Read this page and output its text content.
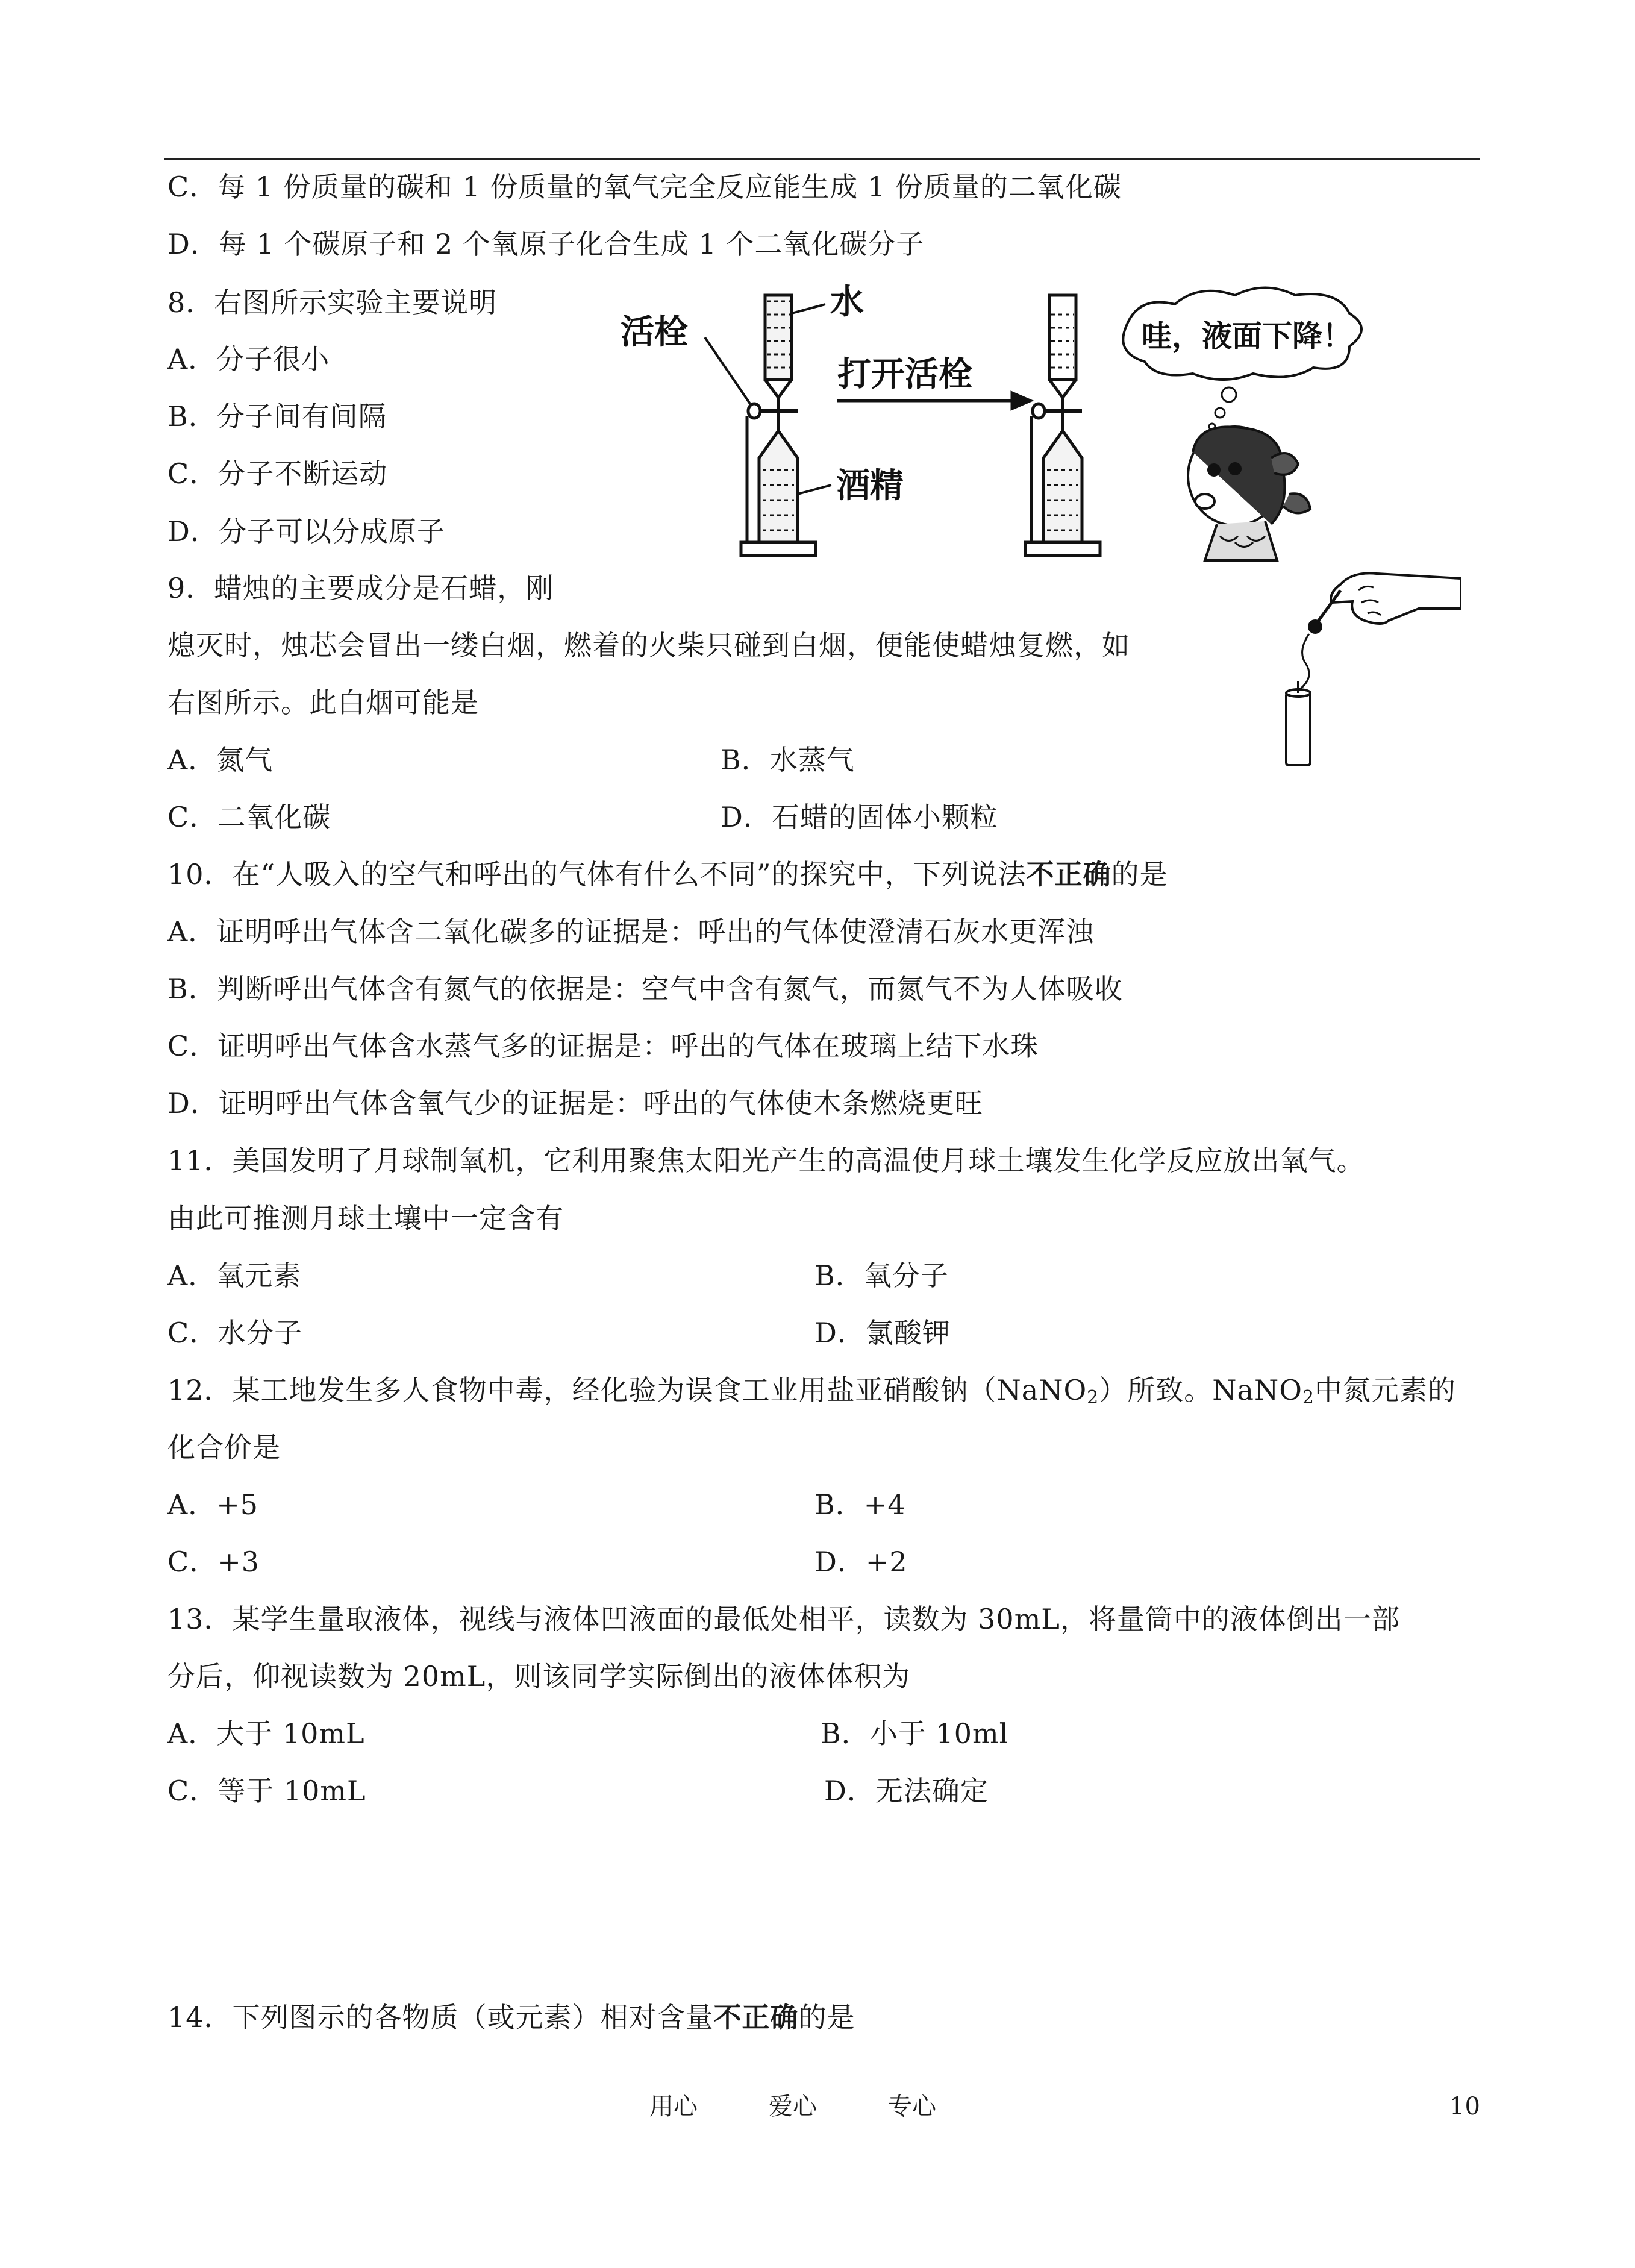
C．每 1 份质量的碳和 1 份质量的氧气完全反应能生成 1 份质量的二氧化碳
D．每 1 个碳原子和 2 个氧原子化合生成 1 个二氧化碳分子
8．右图所示实验主要说明
A．分子很小
B．分子间有间隔
C．分子不断运动
D．分子可以分成原子
水
活栓
打开活栓
酒精
哇，液面下降！
9．蜡烛的主要成分是石蜡，刚
熄灭时，烛芯会冒出一缕白烟，燃着的火柴只碰到白烟，便能使蜡烛复燃，如
右图所示。此白烟可能是
A．氮气	B．水蒸气
C．二氧化碳	D．石蜡的固体小颗粒
10．在“人吸入的空气和呼出的气体有什么不同”的探究中，下列说法不正确的是
A．证明呼出气体含二氧化碳多的证据是：呼出的气体使澄清石灰水更浑浊
B．判断呼出气体含有氮气的依据是：空气中含有氮气，而氮气不为人体吸收
C．证明呼出气体含水蒸气多的证据是：呼出的气体在玻璃上结下水珠
D．证明呼出气体含氧气少的证据是：呼出的气体使木条燃烧更旺
11．美国发明了月球制氧机，它利用聚焦太阳光产生的高温使月球土壤发生化学反应放出氧气。
由此可推测月球土壤中一定含有
A．氧元素	B．氧分子
C．水分子	D．氯酸钾
12．某工地发生多人食物中毒，经化验为误食工业用盐亚硝酸钠（NaNO$_2$）所致。NaNO$_2$中氮元素的
化合价是
A．+5	B．+4
C．+3	D．+2
13．某学生量取液体，视线与液体凹液面的最低处相平，读数为 30mL，将量筒中的液体倒出一部
分后，仰视读数为 20mL，则该同学实际倒出的液体体积为
A．大于 10mL	B．小于 10ml
C．等于 10mL	D．无法确定
14．下列图示的各物质（或元素）相对含量不正确的是
用心	爱心	专心	10
